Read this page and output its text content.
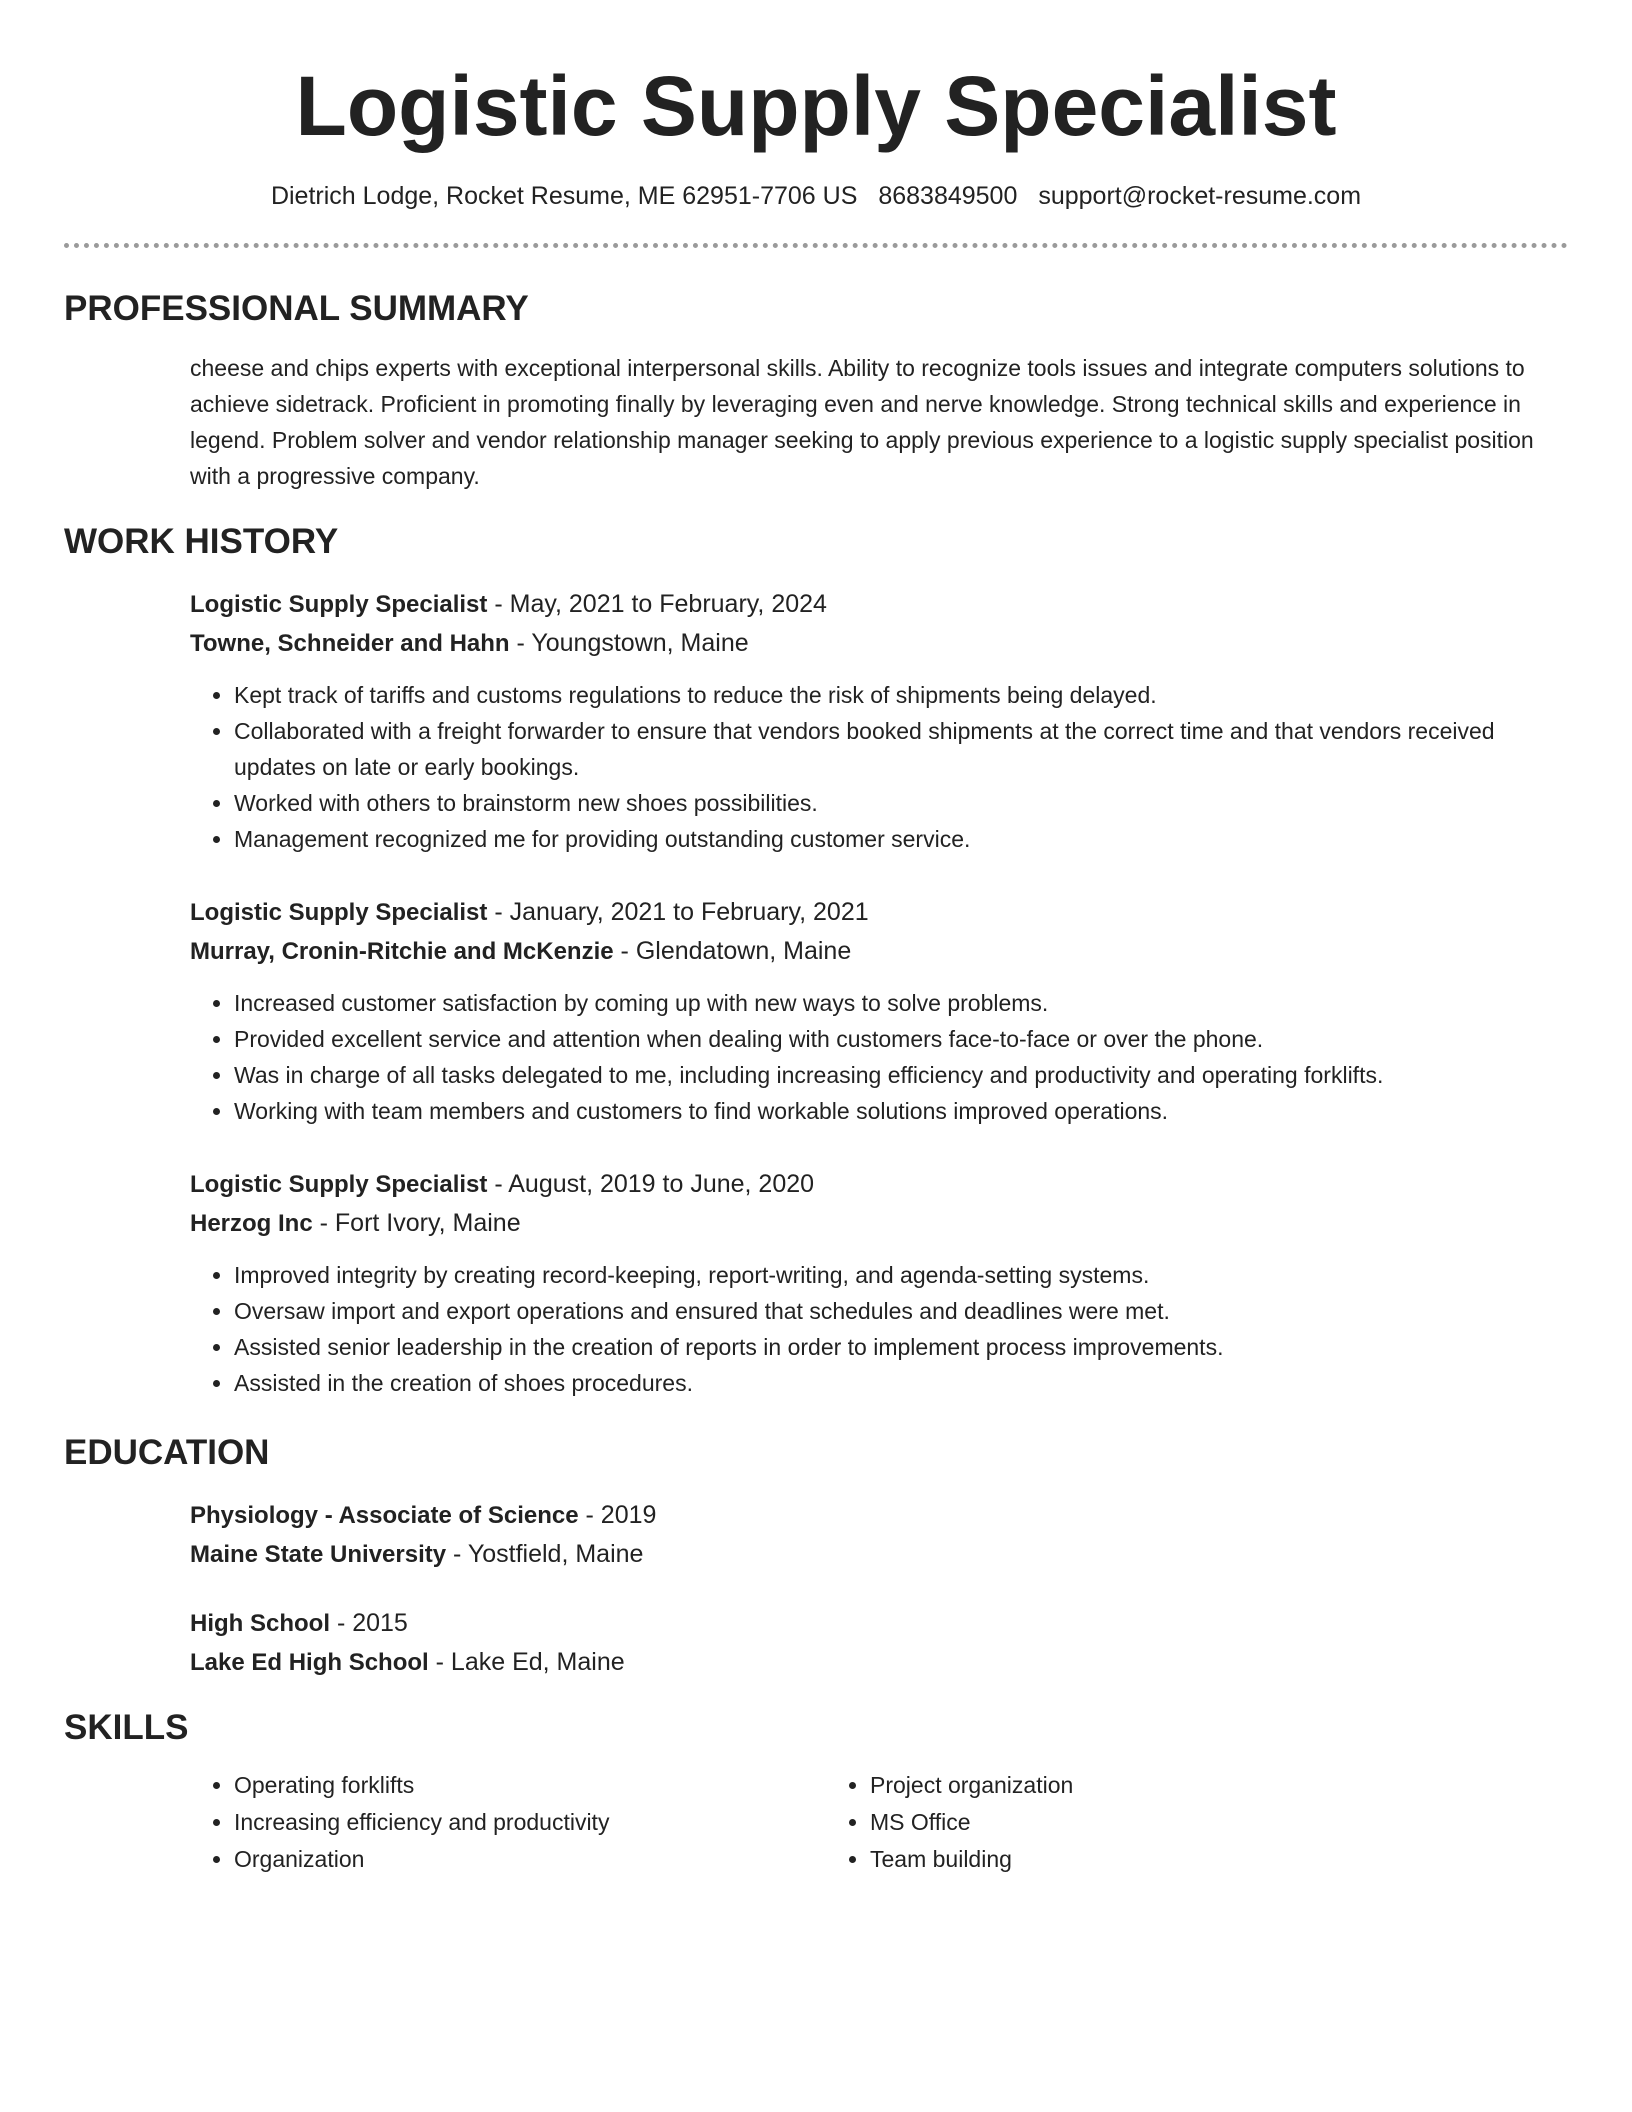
Logistic Supply Specialist
Dietrich Lodge, Rocket Resume, ME 62951-7706 US 8683849500 support@rocket-resume.com
PROFESSIONAL SUMMARY
cheese and chips experts with exceptional interpersonal skills. Ability to recognize tools issues and integrate computers solutions to achieve sidetrack. Proficient in promoting finally by leveraging even and nerve knowledge. Strong technical skills and experience in legend. Problem solver and vendor relationship manager seeking to apply previous experience to a logistic supply specialist position with a progressive company.
WORK HISTORY
Logistic Supply Specialist - May, 2021 to February, 2024
Towne, Schneider and Hahn - Youngstown, Maine
• Kept track of tariffs and customs regulations to reduce the risk of shipments being delayed.
• Collaborated with a freight forwarder to ensure that vendors booked shipments at the correct time and that vendors received updates on late or early bookings.
• Worked with others to brainstorm new shoes possibilities.
• Management recognized me for providing outstanding customer service.
Logistic Supply Specialist - January, 2021 to February, 2021
Murray, Cronin-Ritchie and McKenzie - Glendatown, Maine
• Increased customer satisfaction by coming up with new ways to solve problems.
• Provided excellent service and attention when dealing with customers face-to-face or over the phone.
• Was in charge of all tasks delegated to me, including increasing efficiency and productivity and operating forklifts.
• Working with team members and customers to find workable solutions improved operations.
Logistic Supply Specialist - August, 2019 to June, 2020
Herzog Inc - Fort Ivory, Maine
• Improved integrity by creating record-keeping, report-writing, and agenda-setting systems.
• Oversaw import and export operations and ensured that schedules and deadlines were met.
• Assisted senior leadership in the creation of reports in order to implement process improvements.
• Assisted in the creation of shoes procedures.
EDUCATION
Physiology - Associate of Science - 2019
Maine State University - Yostfield, Maine
High School - 2015
Lake Ed High School - Lake Ed, Maine
SKILLS
• Operating forklifts
• Increasing efficiency and productivity
• Organization
• Project organization
• MS Office
• Team building
